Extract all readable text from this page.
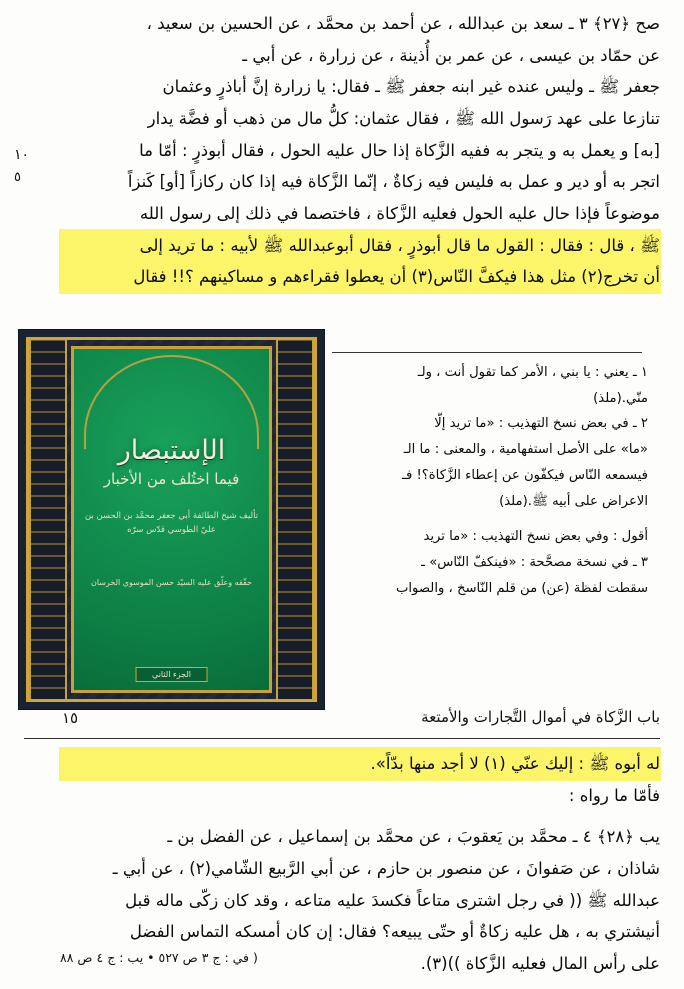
صح ﴿٢٧﴾ ٣ ـ سعد بن عبدالله ، عن أحمد بن محمَّد ، عن الحسين بن سعيد ،
عن حمّاد بن عيسى ، عن عمر بن أُذينة ، عن زرارة ، عن أبي ـ
جعفر ﷺ ـ وليس عنده غير ابنه جعفر ﷺ ـ فقال: يا زرارة إنَّ أباذرٍ وعثمان
تنازعا على عهد رَسول الله ﷺ ، فقال عثمان: كلُّ مال من ذهب أو فضَّة يدار
[به] و يعمل به و يتجر به ففيه الزَّكاة إذا حال عليه الحول ، فقال أبوذرٍ : أمّا ما
اتجر به أو دير و عمل به فليس فيه زكاةٌ ، إنّما الزَّكاة فيه إذا كان ركازاً [أو] كَنزاً
موضوعاً فإذا حال عليه الحول فعليه الزَّكاة ، فاختصما في ذلك إلى رسول الله
ﷺ ، قال : فقال : القول ما قال أبوذرٍ ، فقال أبوعبدالله ﷺ لأبيه : ما تريد إلى
أن تخرج(٢) مثل هذا فيكفَّ النّاس(٣) أن يعطوا فقراءهم و مساكينهم ؟!! فقال
١٠
٥
الإستبصار
فيما اختُلف من الأخبار
تأليف شيخ الطائفة أبي جعفر محمَّد بن الحسن بن عليّ الطوسي قدّس سرّه
حقّقه وعلّق عليه السيّد حسن الموسوي الخرسان
الجزء الثاني

١ ـ يعني : يا بني ، الأمر كما تقول أنت ، ولـ

منّي.(ملذ)

٢ ـ في بعض نسخ التهذيب : «ما تريد إلّا

«ما» على الأصل استفهامية ، والمعنى : ما الـ

فيسمعه النّاس فيكفّون عن إعطاء الزَّكاة؟! فـ

الاعراض على أبيه ﷺ.(ملذ)

أقول : وفي بعض نسخ التهذيب : «ما تريد

٣ ـ في نسخة مصحَّحة : «فينكفّ النّاس» ـ

سقطت لفظة (عن) من قلم النّاسخ ، والصواب

باب الزَّكاة في أموال التَّجارات والأمتعة
١٥
له أبوه ﷺ : إليك عنّي (١) لا أجد منها بدّاً».
فأمّا ما رواه :
يب ﴿٢٨﴾ ٤ ـ محمَّد بن يَعقوبَ ، عن محمَّد بن إسماعيل ، عن الفضل بن ـ
شاذان ، عن صَفوانَ ، عن منصور بن حازم ، عن أبي الرَّبيع الشّامي(٢) ، عن أبي ـ
عبدالله ﷺ (( في رجل اشترى متاعاً فكسدَ عليه متاعه ، وقد كان زكّى ماله قبل
أنيشتري به ، هل عليه زكاةٌ أو حتّى يبيعه؟ فقال: إن كان أمسكه التماس الفضل
على رأس المال فعليه الزَّكاة ))(٣).
( في : ج ٣ ص ٥٢٧ • يب : ج ٤ ص ٨٨
